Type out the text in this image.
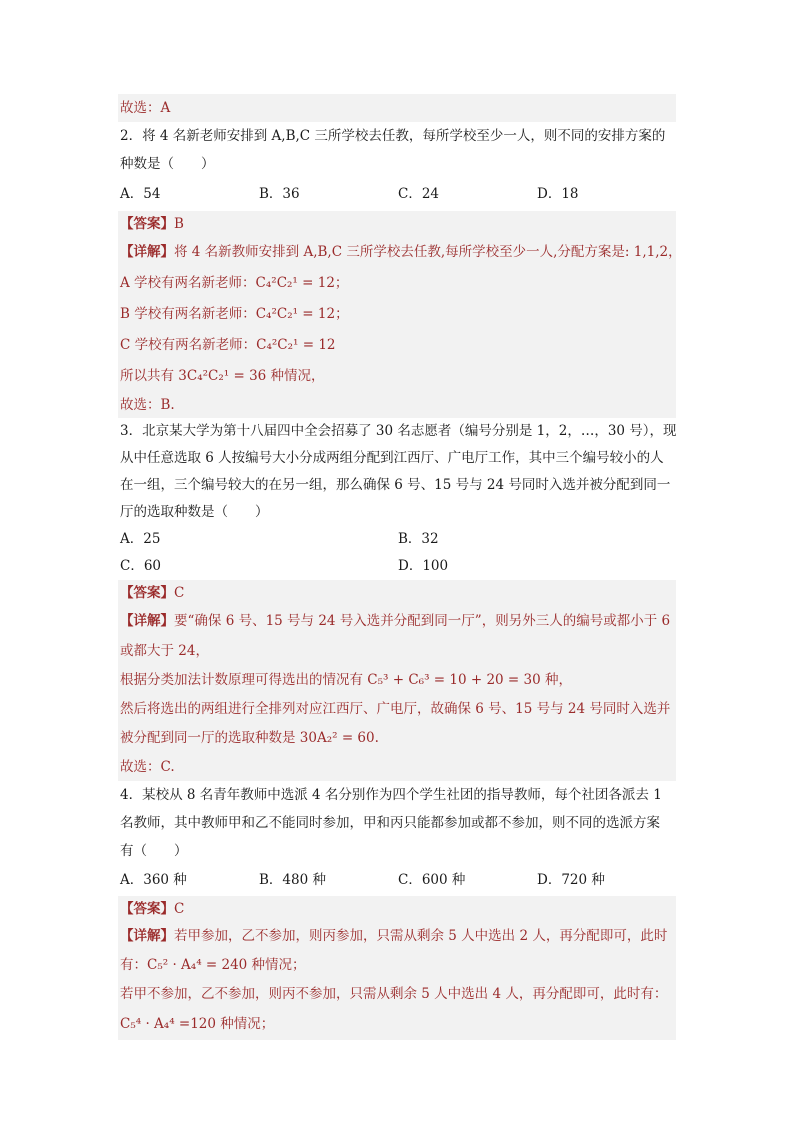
故选：A
2．将 4 名新老师安排到 A,B,C 三所学校去任教，每所学校至少一人，则不同的安排方案的
种数是（　　）
A．54	B．36	C．24	D．18
【答案】B
【详解】将 4 名新教师安排到 A,B,C 三所学校去任教,每所学校至少一人,分配方案是: 1,1,2，
A 学校有两名新老师：C₄²C₂¹ = 12；
B 学校有两名新老师：C₄²C₂¹ = 12；
C 学校有两名新老师：C₄²C₂¹ = 12
所以共有 3C₄²C₂¹ = 36 种情况，
故选：B.
3．北京某大学为第十八届四中全会招募了 30 名志愿者（编号分别是 1，2，…，30 号），现
从中任意选取 6 人按编号大小分成两组分配到江西厅、广电厅工作，其中三个编号较小的人
在一组，三个编号较大的在另一组，那么确保 6 号、15 号与 24 号同时入选并被分配到同一
厅的选取种数是（　　）
A．25	B．32
C．60	D．100
【答案】C
【详解】要“确保 6 号、15 号与 24 号入选并分配到同一厅”，则另外三人的编号或都小于 6
或都大于 24，
根据分类加法计数原理可得选出的情况有 C₅³ + C₆³ = 10 + 20 = 30 种，
然后将选出的两组进行全排列对应江西厅、广电厅，故确保 6 号、15 号与 24 号同时入选并
被分配到同一厅的选取种数是 30A₂² = 60.
故选：C.
4．某校从 8 名青年教师中选派 4 名分别作为四个学生社团的指导教师，每个社团各派去 1
名教师，其中教师甲和乙不能同时参加，甲和丙只能都参加或都不参加，则不同的选派方案
有（　　）
A．360 种	B．480 种	C．600 种	D．720 种
【答案】C
【详解】若甲参加，乙不参加，则丙参加，只需从剩余 5 人中选出 2 人，再分配即可，此时
有：C₅² · A₄⁴ = 240 种情况；
若甲不参加，乙不参加，则丙不参加，只需从剩余 5 人中选出 4 人，再分配即可，此时有：
C₅⁴ · A₄⁴ =120 种情况；
